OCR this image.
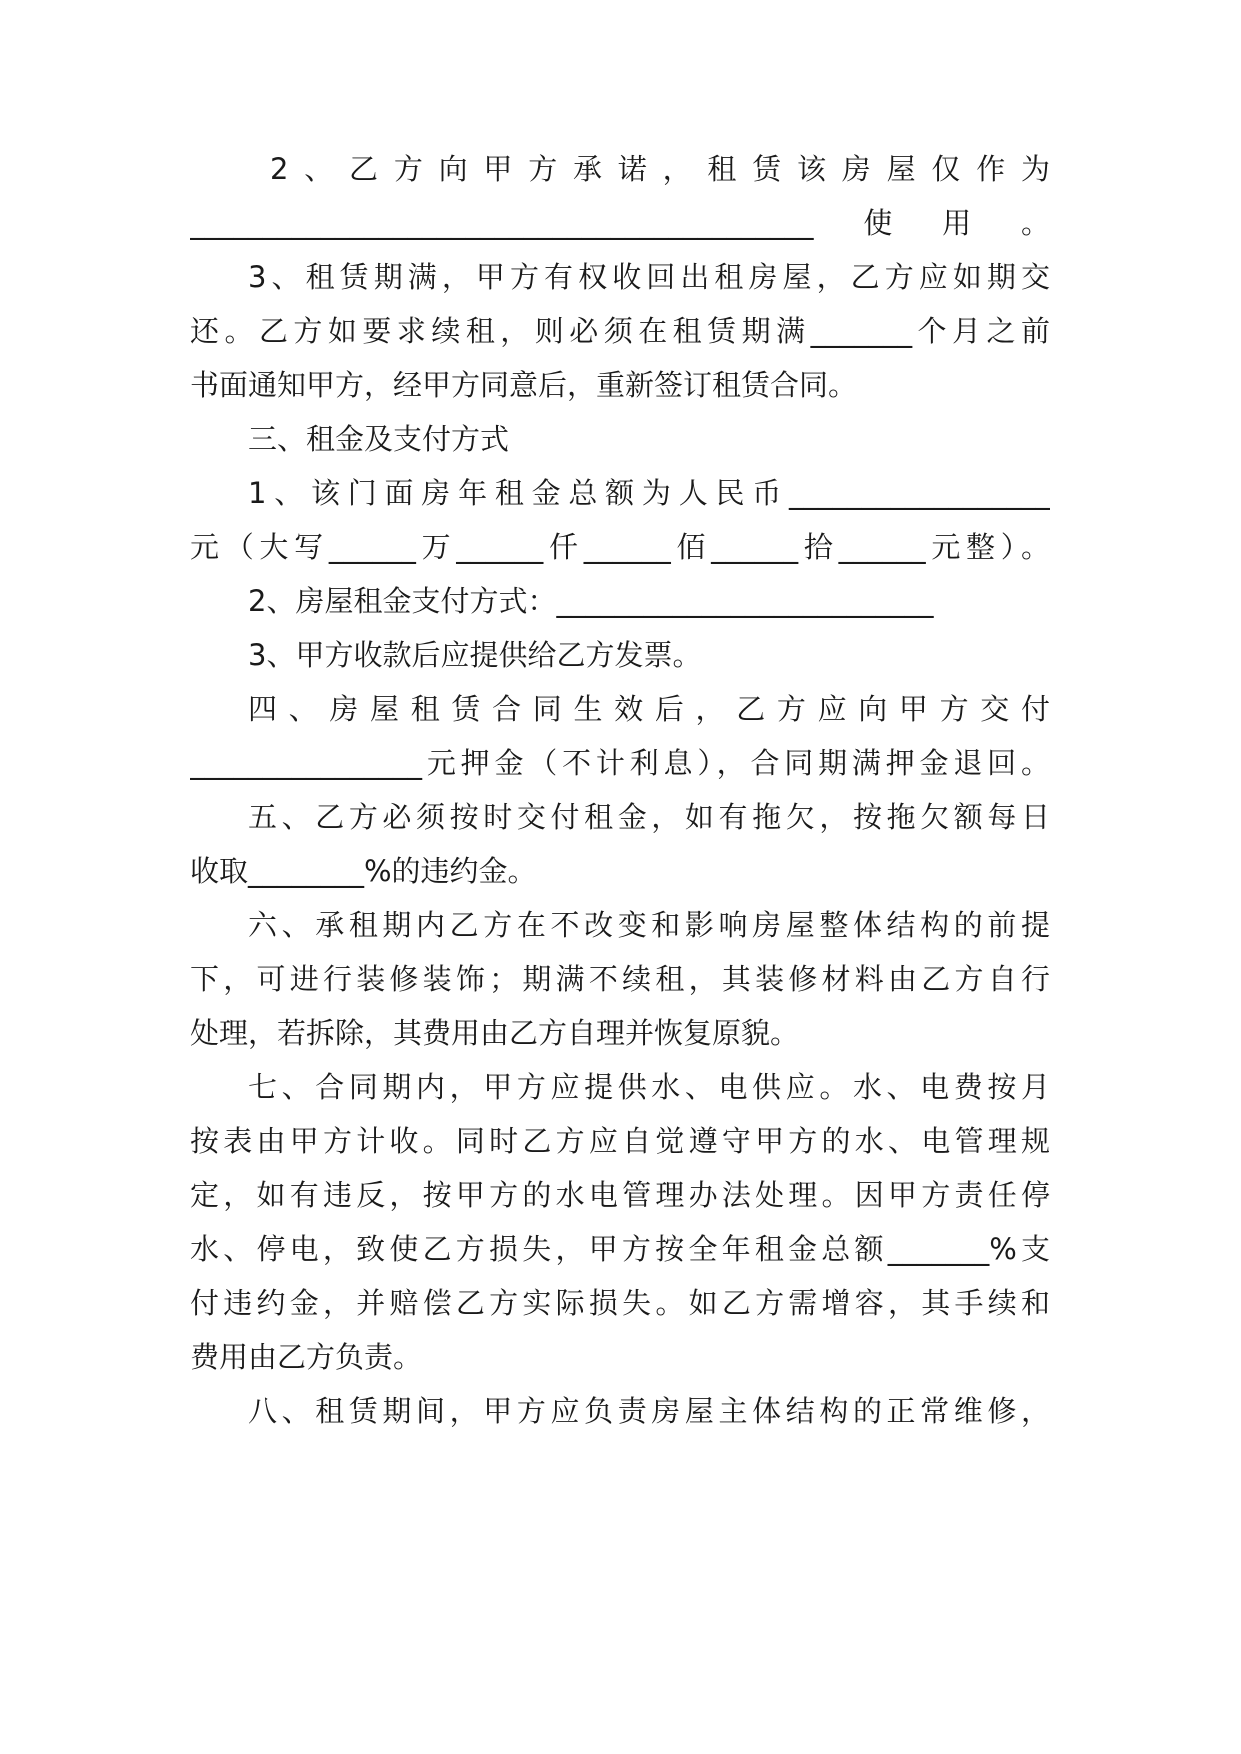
2、乙方向甲方承诺，租赁该房屋仅作为
___________________________________________使用。
3、租赁期满，甲方有权收回出租房屋，乙方应如期交
还。乙方如要求续租，则必须在租赁期满_______个月之前
书面通知甲方，经甲方同意后，重新签订租赁合同。
三、租金及支付方式
1、该门面房年租金总额为人民币__________________
元（大写______万______仟______佰______拾______元整）。
2、房屋租金支付方式：__________________________
3、甲方收款后应提供给乙方发票。
四、房屋租赁合同生效后，乙方应向甲方交付
________________元押金（不计利息），合同期满押金退回。
五、乙方必须按时交付租金，如有拖欠，按拖欠额每日
收取________%的违约金。
六、承租期内乙方在不改变和影响房屋整体结构的前提
下，可进行装修装饰；期满不续租，其装修材料由乙方自行
处理，若拆除，其费用由乙方自理并恢复原貌。
七、合同期内，甲方应提供水、电供应。水、电费按月
按表由甲方计收。同时乙方应自觉遵守甲方的水、电管理规
定，如有违反，按甲方的水电管理办法处理。因甲方责任停
水、停电，致使乙方损失，甲方按全年租金总额_______%支
付违约金，并赔偿乙方实际损失。如乙方需增容，其手续和
费用由乙方负责。
八、租赁期间，甲方应负责房屋主体结构的正常维修，
